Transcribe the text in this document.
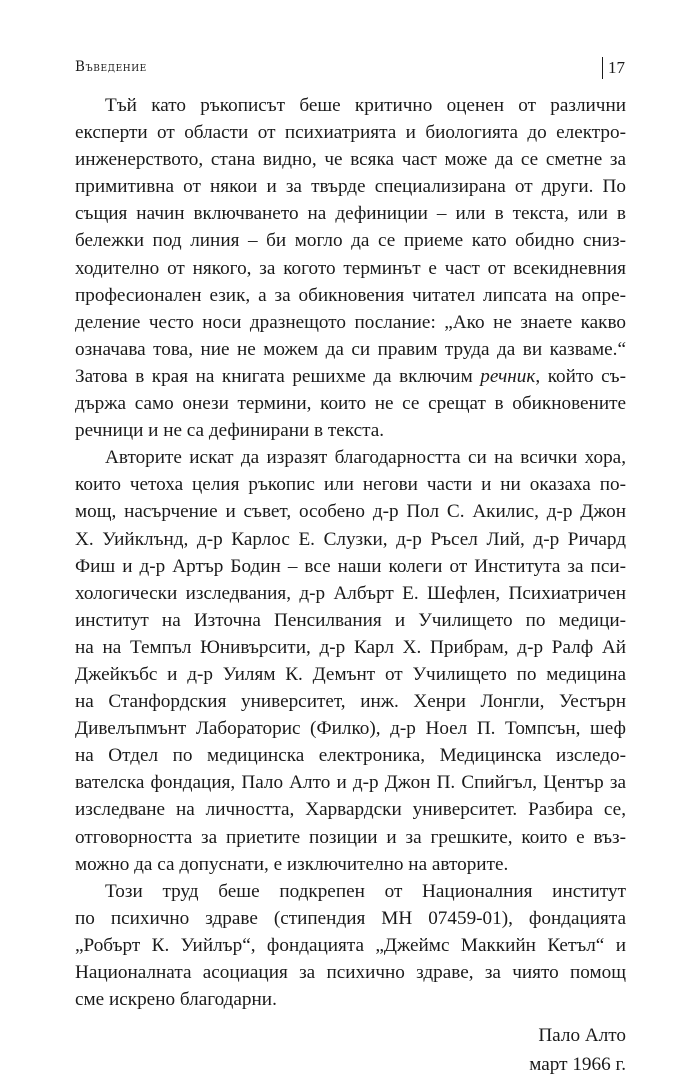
Въведение	17
Тъй като ръкописът беше критично оценен от различни
експерти от области от психиатрията и биологията до електро-
инженерството, стана видно, че всяка част може да се сметне за
примитивна от някои и за твърде специализирана от други. По
същия начин включването на дефиниции – или в текста, или в
бележки под линия – би могло да се приеме като обидно сниз-
ходително от някого, за когото терминът е част от всекидневния
професионален език, а за обикновения читател липсата на опре-
деление често носи дразнещото послание: „Ако не знаете какво
означава това, ние не можем да си правим труда да ви казваме.“
Затова в края на книгата решихме да включим речник, който съ-
държа само онези термини, които не се срещат в обикновените
речници и не са дефинирани в текста.
Авторите искат да изразят благодарността си на всички хора,
които четоха целия ръкопис или негови части и ни оказаха по-
мощ, насърчение и съвет, особено д-р Пол С. Акилис, д-р Джон
Х. Уийклънд, д-р Карлос Е. Слузки, д-р Ръсел Лий, д-р Ричард
Фиш и д-р Артър Бодин – все наши колеги от Института за пси-
хологически изследвания, д-р Албърт Е. Шефлен, Психиатричен
институт на Източна Пенсилвания и Училището по медици-
на на Темпъл Юнивърсити, д-р Карл Х. Прибрам, д-р Ралф Ай
Джейкъбс и д-р Уилям К. Демънт от Училището по медицина
на Станфордския университет, инж. Хенри Лонгли, Уестърн
Дивелъпмънт Лабораторис (Филко), д-р Ноел П. Томпсън, шеф
на Отдел по медицинска електроника, Медицинска изследо-
вателска фондация, Пало Алто и д-р Джон П. Спийгъл, Център за
изследване на личността, Харвардски университет. Разбира се,
отговорността за приетите позиции и за грешките, които е въз-
можно да са допуснати, е изключително на авторите.
Този труд беше подкрепен от Националния институт
по психично здраве (стипендия MH 07459-01), фондацията
„Робърт К. Уийлър“, фондацията „Джеймс Маккийн Кетъл“ и
Националната асоциация за психично здраве, за чиято помощ
сме искрено благодарни.
Пало Алто
март 1966 г.
